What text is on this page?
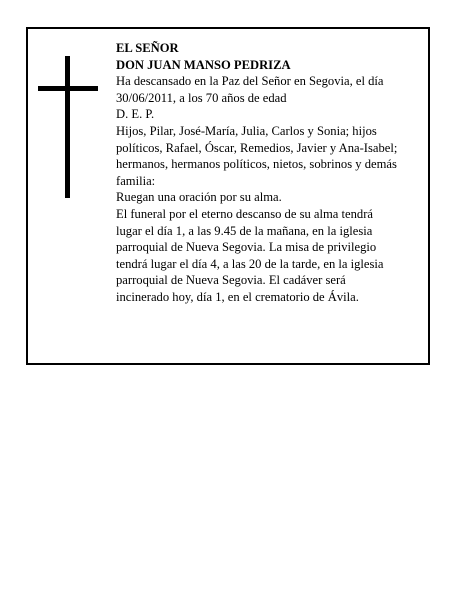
EL SEÑOR

DON JUAN MANSO PEDRIZA

Ha descansado en la Paz del Señor en Segovia, el día

30/06/2011, a los 70 años de edad

D. E. P.

Hijos, Pilar, José-María, Julia, Carlos y Sonia; hijos

políticos, Rafael, Óscar, Remedios, Javier y Ana-Isabel;

hermanos, hermanos políticos, nietos, sobrinos y demás

familia:

Ruegan una oración por su alma.

El funeral por el eterno descanso de su alma tendrá

lugar el día 1, a las 9.45 de la mañana, en la iglesia

parroquial de Nueva Segovia. La misa de privilegio

tendrá lugar el día 4, a las 20 de la tarde, en la iglesia

parroquial de Nueva Segovia. El cadáver será

incinerado hoy, día 1, en el crematorio de Ávila.
